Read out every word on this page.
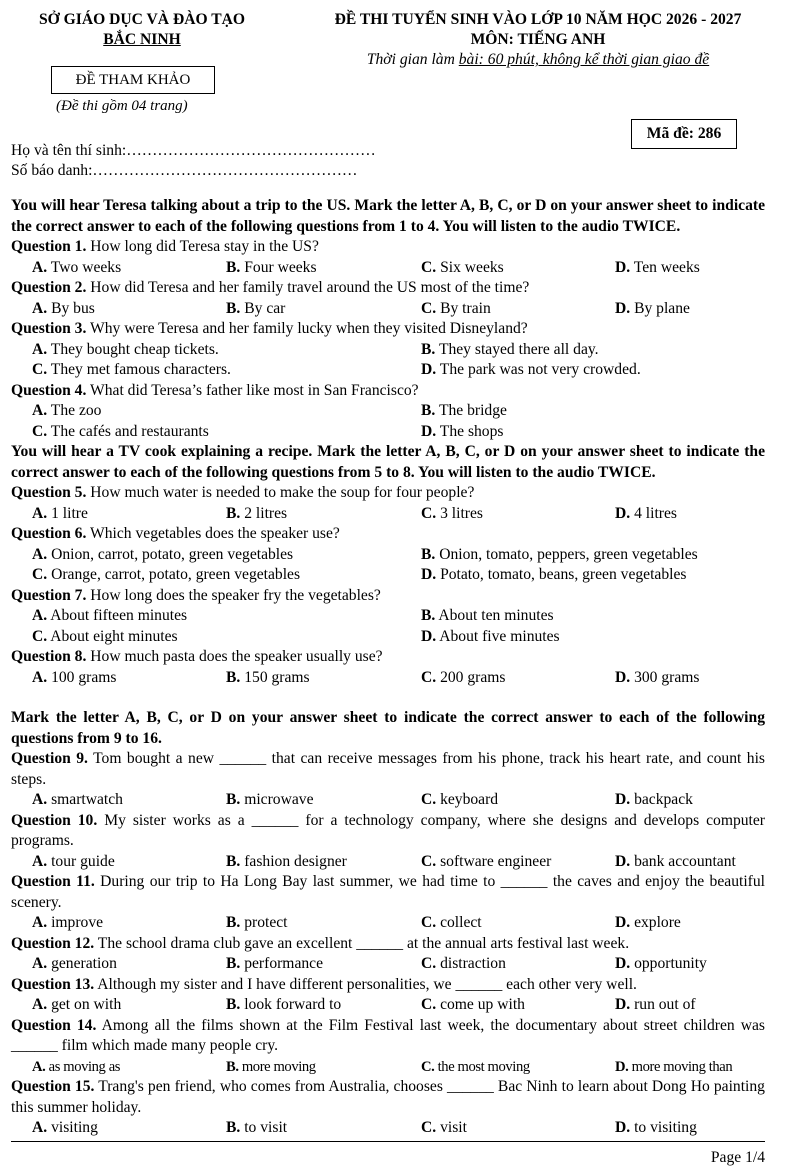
SỞ GIÁO DỤC VÀ ĐÀO TẠO
BẮC NINH
ĐỀ THAM KHẢO
(Đề thi gồm 04 trang)
ĐỀ THI TUYỂN SINH VÀO LỚP 10 NĂM HỌC 2026 - 2027
MÔN: TIẾNG ANH
Thời gian làm bài: 60 phút, không kể thời gian giao đề
Mã đề: 286
Họ và tên thí sinh:…………………………………………
Số báo danh:……………………………………………
You will hear Teresa talking about a trip to the US. Mark the letter A, B, C, or D on your answer sheet to indicate the correct answer to each of the following questions from 1 to 4. You will listen to the audio TWICE.
Question 1. How long did Teresa stay in the US?
A. Two weeks	B. Four weeks	C. Six weeks	D. Ten weeks
Question 2. How did Teresa and her family travel around the US most of the time?
A. By bus	B. By car	C. By train	D. By plane
Question 3. Why were Teresa and her family lucky when they visited Disneyland?
A. They bought cheap tickets.	B. They stayed there all day.
C. They met famous characters.	D. The park was not very crowded.
Question 4. What did Teresa’s father like most in San Francisco?
A. The zoo	B. The bridge
C. The cafés and restaurants	D. The shops
You will hear a TV cook explaining a recipe. Mark the letter A, B, C, or D on your answer sheet to indicate the correct answer to each of the following questions from 5 to 8. You will listen to the audio TWICE.
Question 5. How much water is needed to make the soup for four people?
A. 1 litre	B. 2 litres	C. 3 litres	D. 4 litres
Question 6. Which vegetables does the speaker use?
A. Onion, carrot, potato, green vegetables	B. Onion, tomato, peppers, green vegetables
C. Orange, carrot, potato, green vegetables	D. Potato, tomato, beans, green vegetables
Question 7. How long does the speaker fry the vegetables?
A. About fifteen minutes	B. About ten minutes
C. About eight minutes	D. About five minutes
Question 8. How much pasta does the speaker usually use?
A. 100 grams	B. 150 grams	C. 200 grams	D. 300 grams
Mark the letter A, B, C, or D on your answer sheet to indicate the correct answer to each of the following questions from 9 to 16.
Question 9. Tom bought a new ______ that can receive messages from his phone, track his heart rate, and count his steps.
A. smartwatch	B. microwave	C. keyboard	D. backpack
Question 10. My sister works as a ______ for a technology company, where she designs and develops computer programs.
A. tour guide	B. fashion designer	C. software engineer	D. bank accountant
Question 11. During our trip to Ha Long Bay last summer, we had time to ______ the caves and enjoy the beautiful scenery.
A. improve	B. protect	C. collect	D. explore
Question 12. The school drama club gave an excellent ______ at the annual arts festival last week.
A. generation	B. performance	C. distraction	D. opportunity
Question 13. Although my sister and I have different personalities, we ______ each other very well.
A. get on with	B. look forward to	C. come up with	D. run out of
Question 14. Among all the films shown at the Film Festival last week, the documentary about street children was ______ film which made many people cry.
A. as moving as	B. more moving	C. the most moving	D. more moving than
Question 15. Trang's pen friend, who comes from Australia, chooses ______ Bac Ninh to learn about Dong Ho painting this summer holiday.
A. visiting	B. to visit	C. visit	D. to visiting
Page 1/4
